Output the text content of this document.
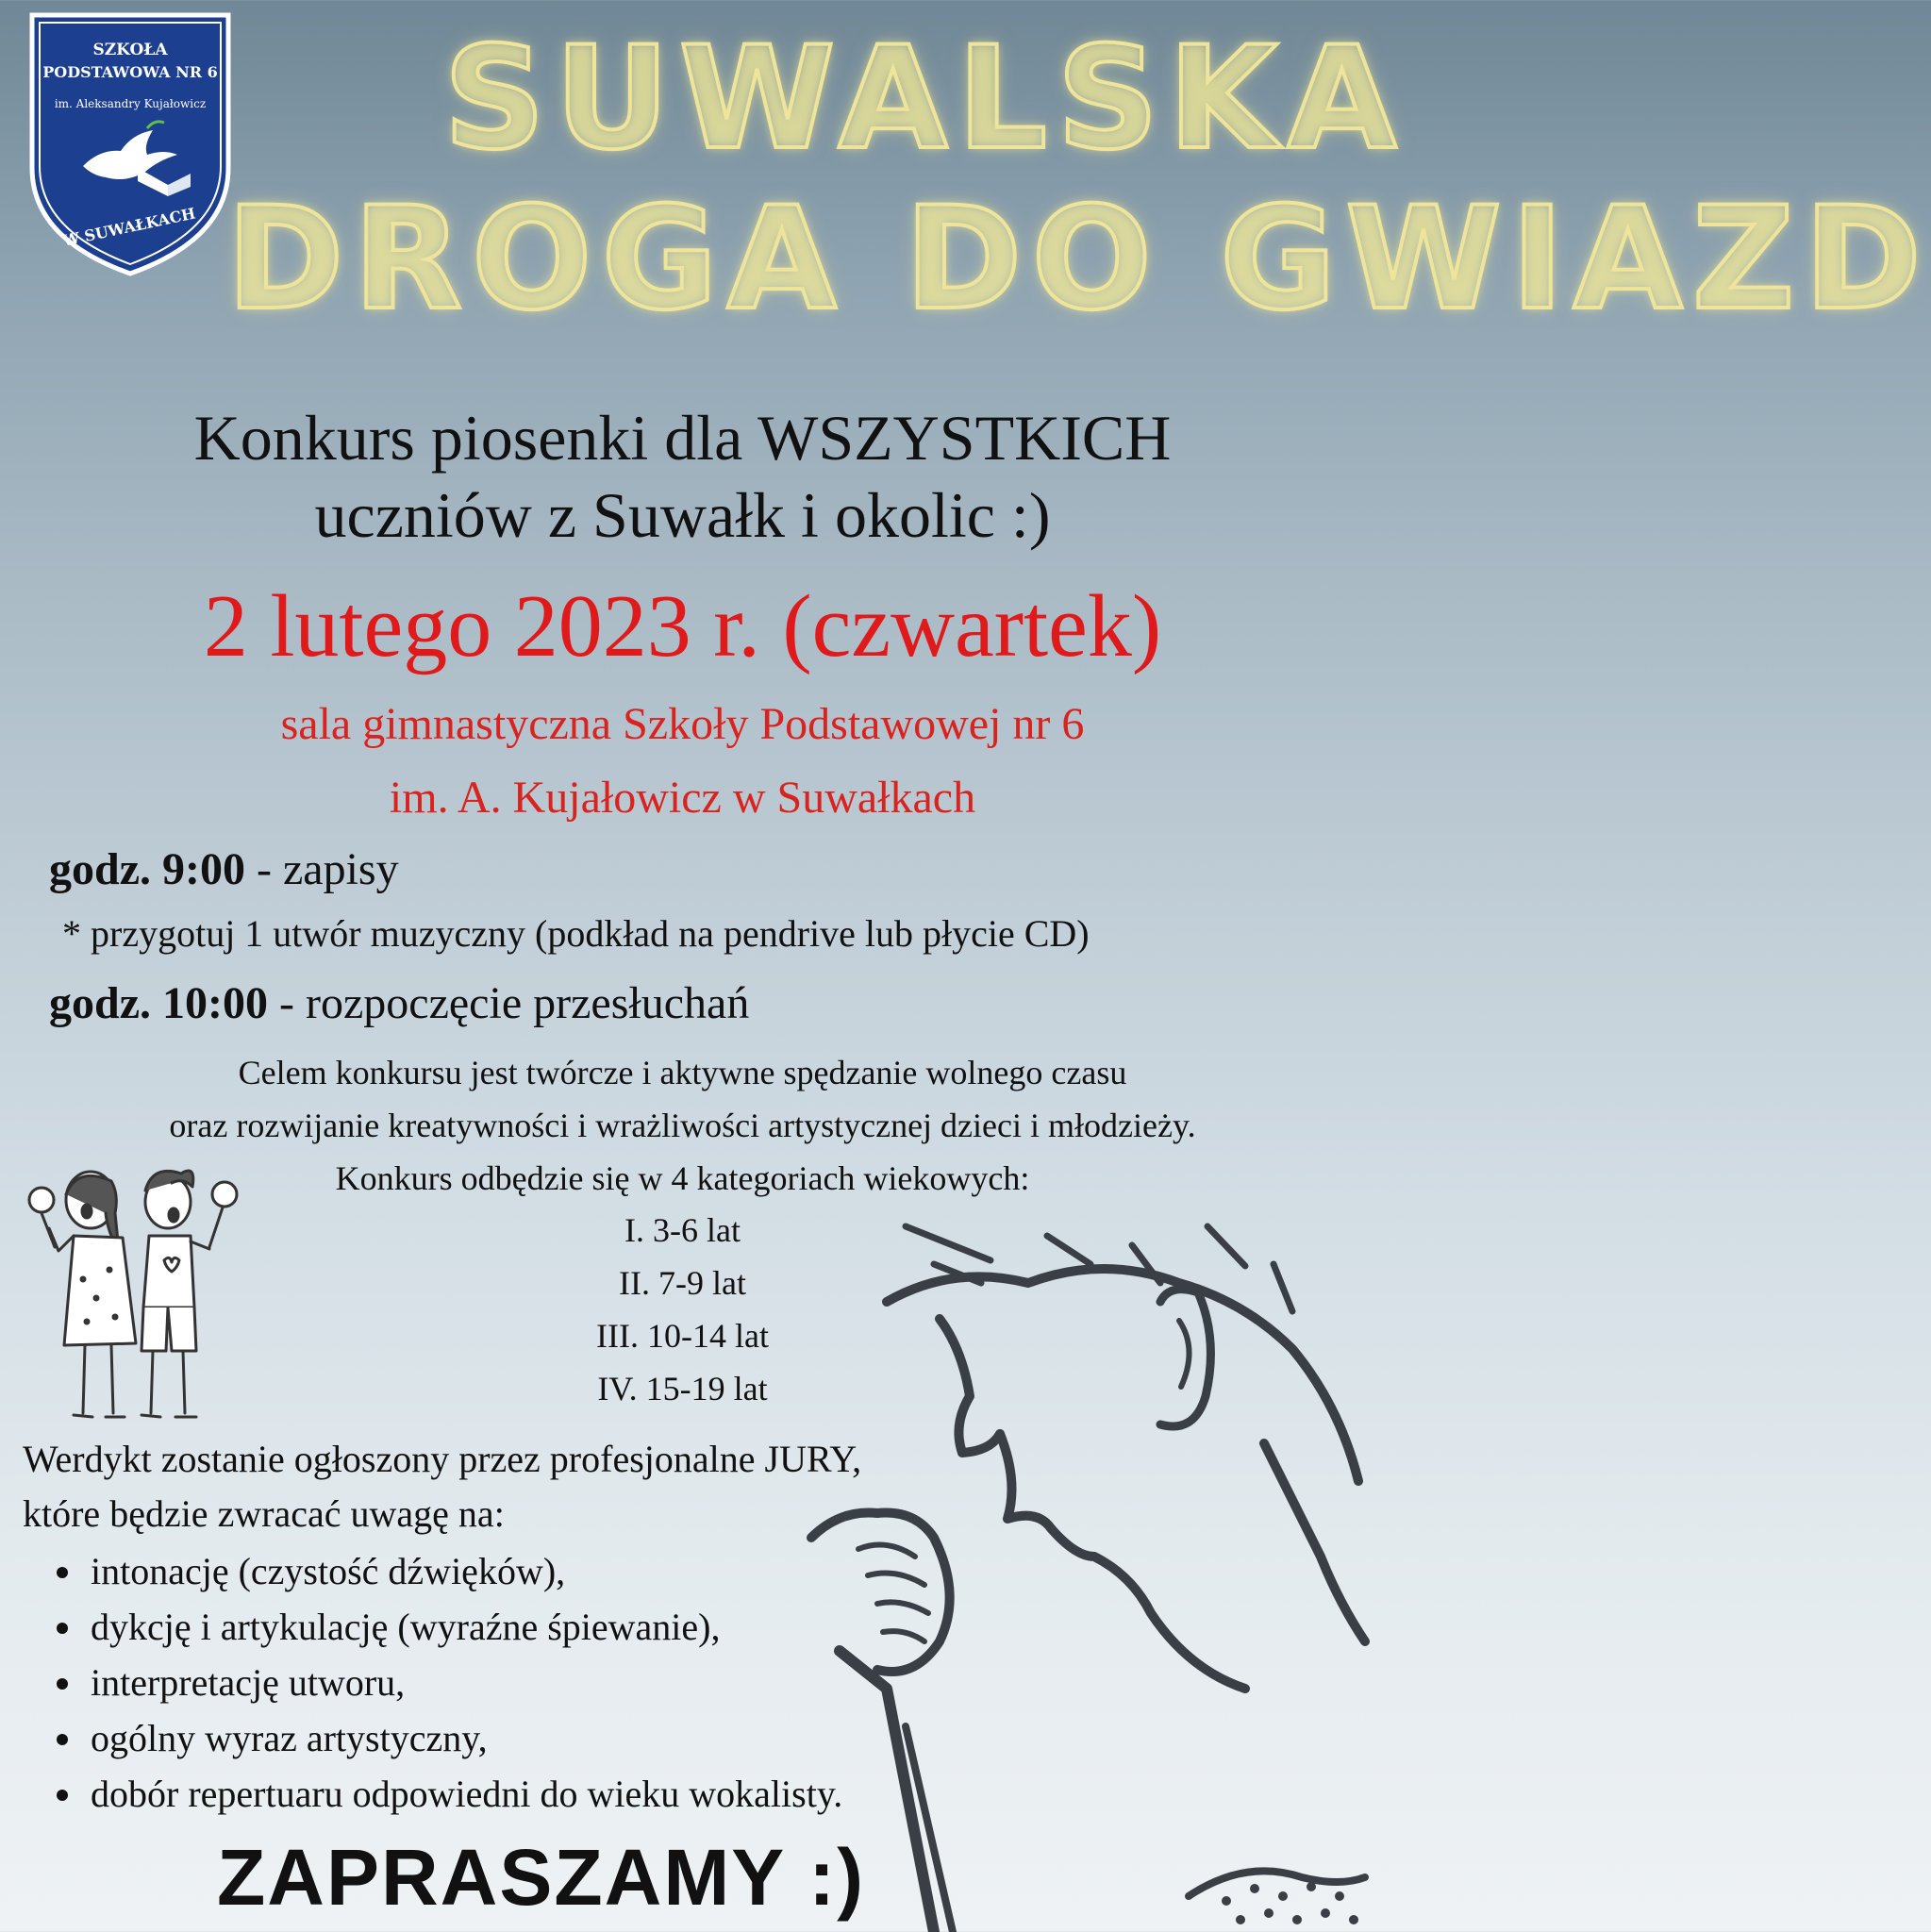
SZKOŁA
PODSTAWOWA NR 6
im. Aleksandry Kujałowicz
W SUWAŁKACH
SUWALSKA
DROGA DO GWIAZD
Konkurs piosenki dla WSZYSTKICH
uczniów z Suwałk i okolic :)
2 lutego 2023 r. (czwartek)
sala gimnastyczna Szkoły Podstawowej nr 6
im. A. Kujałowicz w Suwałkach
godz. 9:00 - zapisy
* przygotuj 1 utwór muzyczny (podkład na pendrive lub płycie CD)
godz. 10:00 - rozpoczęcie przesłuchań
Celem konkursu jest twórcze i aktywne spędzanie wolnego czasu
oraz rozwijanie kreatywności i wrażliwości artystycznej dzieci i młodzieży.
Konkurs odbędzie się w 4 kategoriach wiekowych:
I. 3-6 lat
II. 7-9 lat
III. 10-14 lat
IV. 15-19 lat
Werdykt zostanie ogłoszony przez profesjonalne JURY,
które będzie zwracać uwagę na:
intonację (czystość dźwięków),
dykcję i artykulację (wyraźne śpiewanie),
interpretację utworu,
ogólny wyraz artystyczny,
dobór repertuaru odpowiedni do wieku wokalisty.
ZAPRASZAMY :)
